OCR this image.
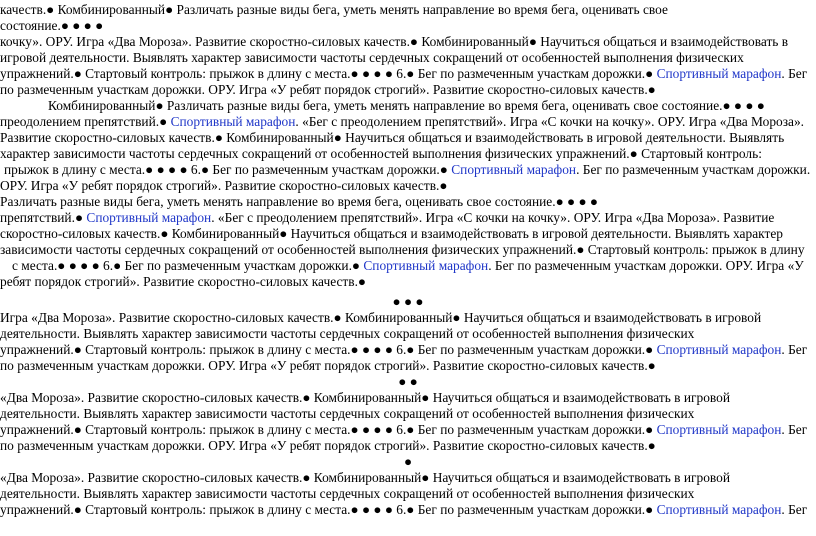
качеств.● Комбинированный● Различать разные виды бега, уметь менять направление во время бега, оценивать свое
состояние.● ● ● ●
кочку». ОРУ. Игра «Два Мороза». Развитие скоростно-силовых качеств.● Комбинированный● Научиться общаться и взаимодействовать в
игровой деятельности. Выявлять характер зависимости частоты сердечных сокращений от особенностей выполнения физических
упражнений.● Стартовый контроль: прыжок в длину с места.● ● ● ● 6.● Бег по размеченным участкам дорожки.● Спортивный марафон. Бег
по размеченным участкам дорожки. ОРУ. Игра «У ребят порядок строгий». Развитие скоростно-силовых качеств.●
Комбинированный● Различать разные виды бега, уметь менять направление во время бега, оценивать свое состояние.● ● ● ●
преодолением препятствий.● Спортивный марафон. «Бег с преодолением препятствий». Игра «С кочки на кочку». ОРУ. Игра «Два Мороза».
Развитие скоростно-силовых качеств.● Комбинированный● Научиться общаться и взаимодействовать в игровой деятельности. Выявлять
характер зависимости частоты сердечных сокращений от особенностей выполнения физических упражнений.● Стартовый контроль:
прыжок в длину с места.● ● ● ● 6.● Бег по размеченным участкам дорожки.● Спортивный марафон. Бег по размеченным участкам дорожки.
ОРУ. Игра «У ребят порядок строгий». Развитие скоростно-силовых качеств.●
Различать разные виды бега, уметь менять направление во время бега, оценивать свое состояние.● ● ● ●
препятствий.● Спортивный марафон. «Бег с преодолением препятствий». Игра «С кочки на кочку». ОРУ. Игра «Два Мороза». Развитие
скоростно-силовых качеств.● Комбинированный● Научиться общаться и взаимодействовать в игровой деятельности. Выявлять характер
зависимости частоты сердечных сокращений от особенностей выполнения физических упражнений.● Стартовый контроль: прыжок в длину
с места.● ● ● ● 6.● Бег по размеченным участкам дорожки.● Спортивный марафон. Бег по размеченным участкам дорожки. ОРУ. Игра «У
ребят порядок строгий». Развитие скоростно-силовых качеств.●
● ● ●
Игра «Два Мороза». Развитие скоростно-силовых качеств.● Комбинированный● Научиться общаться и взаимодействовать в игровой
деятельности. Выявлять характер зависимости частоты сердечных сокращений от особенностей выполнения физических
упражнений.● Стартовый контроль: прыжок в длину с места.● ● ● ● 6.● Бег по размеченным участкам дорожки.● Спортивный марафон. Бег
по размеченным участкам дорожки. ОРУ. Игра «У ребят порядок строгий». Развитие скоростно-силовых качеств.●
● ●
«Два Мороза». Развитие скоростно-силовых качеств.● Комбинированный● Научиться общаться и взаимодействовать в игровой
деятельности. Выявлять характер зависимости частоты сердечных сокращений от особенностей выполнения физических
упражнений.● Стартовый контроль: прыжок в длину с места.● ● ● ● 6.● Бег по размеченным участкам дорожки.● Спортивный марафон. Бег
по размеченным участкам дорожки. ОРУ. Игра «У ребят порядок строгий». Развитие скоростно-силовых качеств.●
●
«Два Мороза». Развитие скоростно-силовых качеств.● Комбинированный● Научиться общаться и взаимодействовать в игровой
деятельности. Выявлять характер зависимости частоты сердечных сокращений от особенностей выполнения физических
упражнений.● Стартовый контроль: прыжок в длину с места.● ● ● ● 6.● Бег по размеченным участкам дорожки.● Спортивный марафон. Бег
